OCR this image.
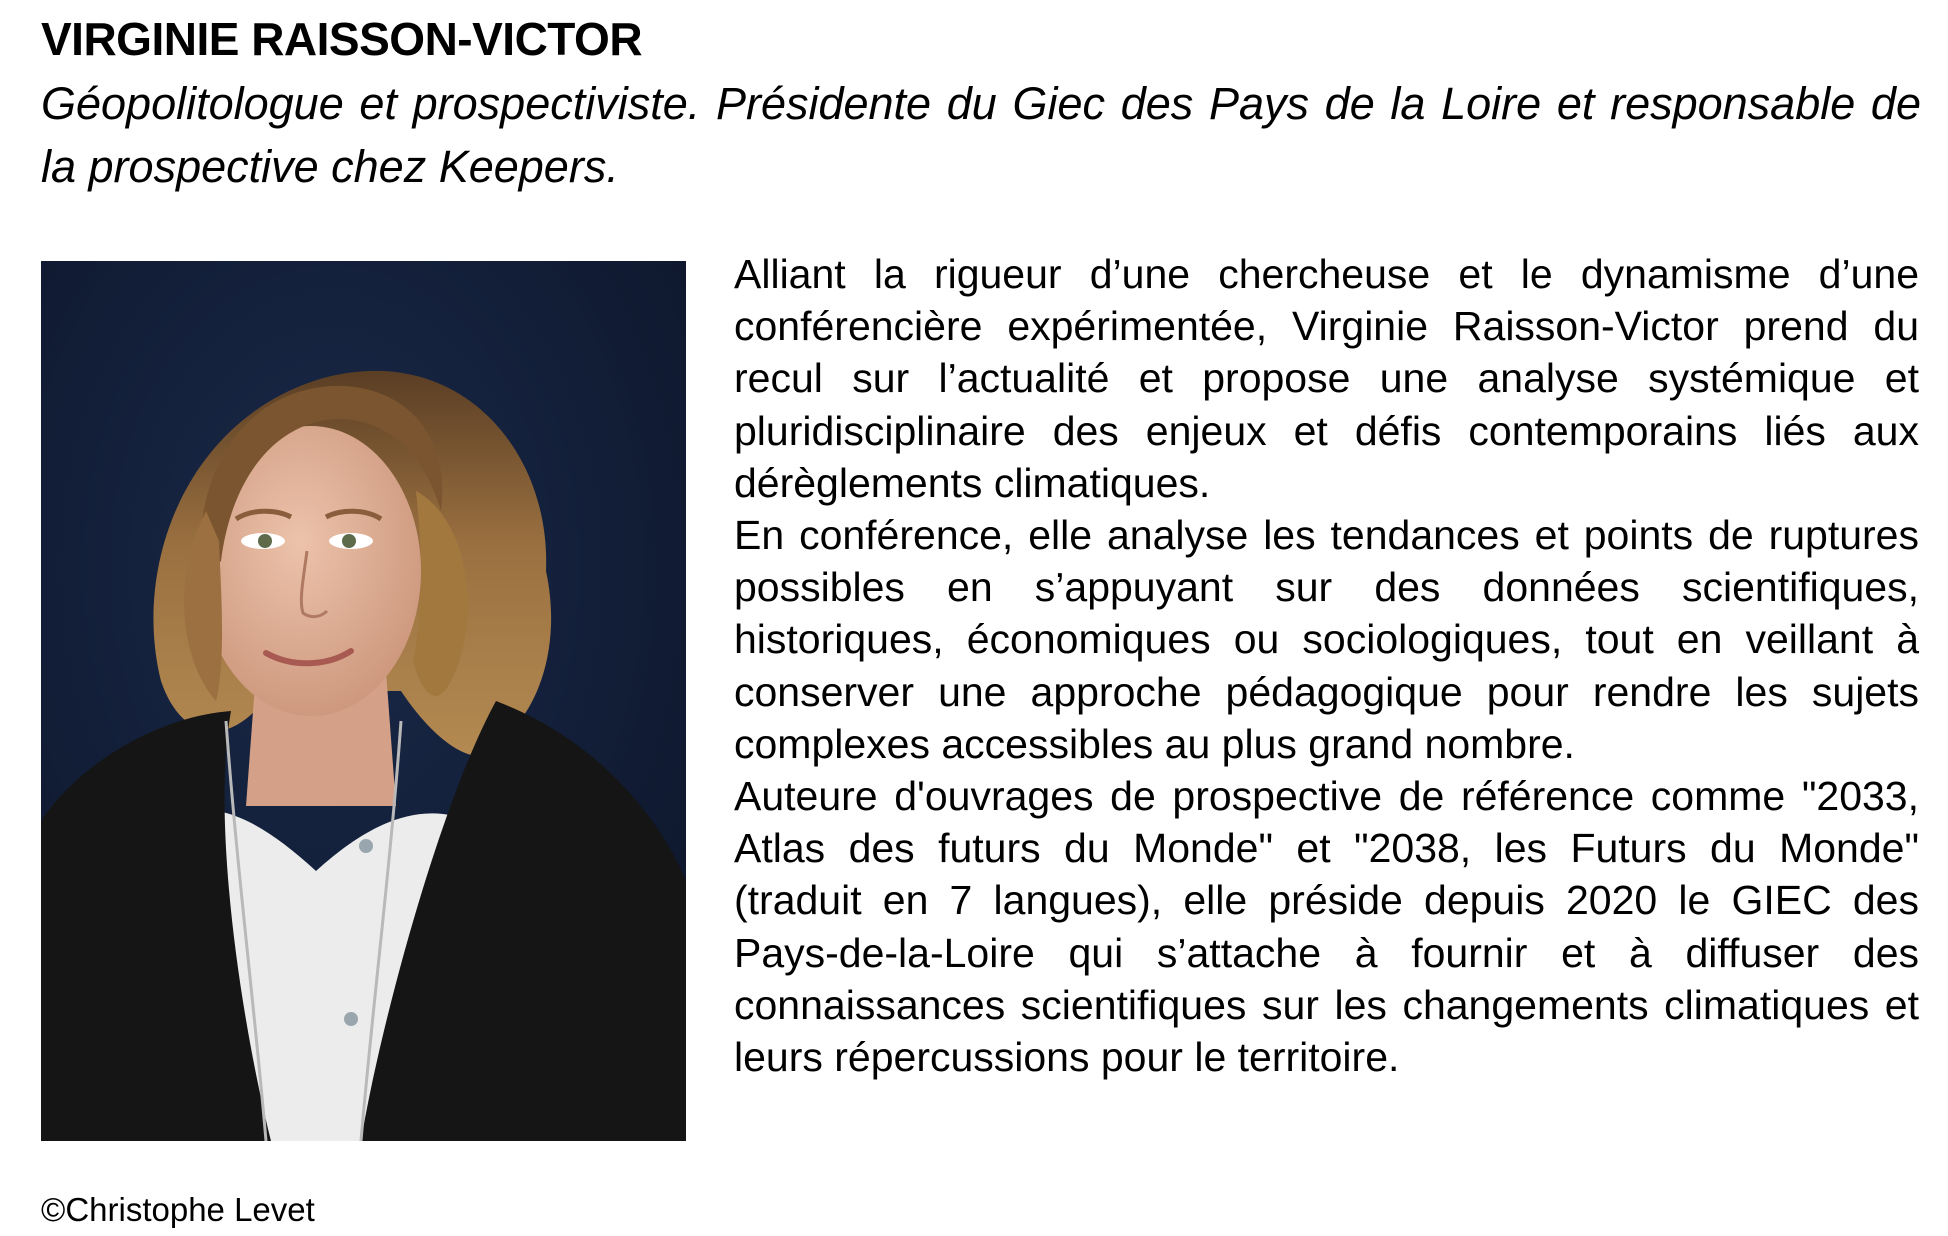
VIRGINIE RAISSON-VICTOR

Géopolitologue et prospectiviste. Présidente du Giec des Pays de la Loire et responsable de la prospective chez Keepers.

Alliant la rigueur d’une chercheuse et le dynamisme d’une conférencière expérimentée, Virginie Raisson-Victor prend du recul sur l’actualité et propose une analyse systémique et pluridisciplinaire des enjeux et défis contemporains liés aux dérèglements climatiques.

En conférence, elle analyse les tendances et points de ruptures possibles en s’appuyant sur des données scientifiques, historiques, économiques ou sociologiques, tout en veillant à conserver une approche pédagogique pour rendre les sujets complexes accessibles au plus grand nombre.

Auteure d'ouvrages de prospective de référence comme "2033, Atlas des futurs du Monde" et "2038, les Futurs du Monde" (traduit en 7 langues), elle préside depuis 2020 le GIEC des Pays-de-la-Loire qui s’attache à fournir et à diffuser des connaissances scientifiques sur les changements climatiques et leurs répercussions pour le territoire.

©Christophe Levet
